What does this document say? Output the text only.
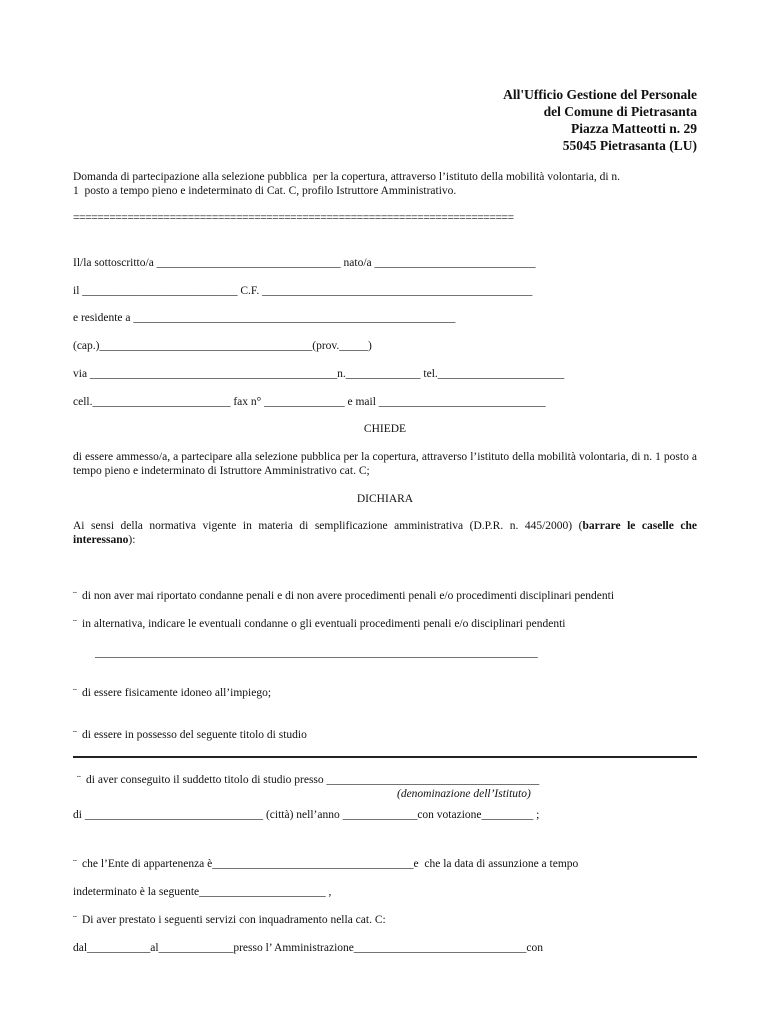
All'Ufficio Gestione del Personale
del Comune di Pietrasanta
Piazza Matteotti n. 29
55045 Pietrasanta (LU)
Domanda di partecipazione alla selezione pubblica  per la copertura, attraverso l’istituto della mobilità volontaria, di n.
1  posto a tempo pieno e indeterminato di Cat. C, profilo Istruttore Amministrativo.
=========================================================================
Il/la sottoscritto/a ________________________________ nato/a ____________________________
il ___________________________ C.F. _______________________________________________
e residente a ________________________________________________________
(cap.)_____________________________________(prov._____)
via ___________________________________________n._____________ tel.______________________
cell.________________________ fax n° ______________ e mail _____________________________
CHIEDE
di essere ammesso/a, a partecipare alla selezione pubblica per la copertura, attraverso l’istituto della mobilità volontaria, di n. 1 posto a tempo pieno e indeterminato di Istruttore Amministrativo cat. C;
DICHIARA
Ai sensi della normativa vigente in materia di semplificazione amministrativa (D.P.R. n. 445/2000) (barrare le caselle che interessano):
¨ di non aver mai riportato condanne penali e di non avere procedimenti penali e/o procedimenti disciplinari pendenti
¨ in alternativa, indicare le eventuali condanne o gli eventuali procedimenti penali e/o disciplinari pendenti
_____________________________________________________________________________
¨ di essere fisicamente idoneo all’impiego;
¨ di essere in possesso del seguente titolo di studio
¨ di aver conseguito il suddetto titolo di studio presso _____________________________________
(denominazione dell’Istituto)
di _______________________________ (città) nell’anno _____________con votazione_________ ;
¨ che l’Ente di appartenenza è___________________________________e  che la data di assunzione a tempo
indeterminato è la seguente______________________ ,
¨ Di aver prestato i seguenti servizi con inquadramento nella cat. C:
dal___________al_____________presso l’ Amministrazione______________________________con
